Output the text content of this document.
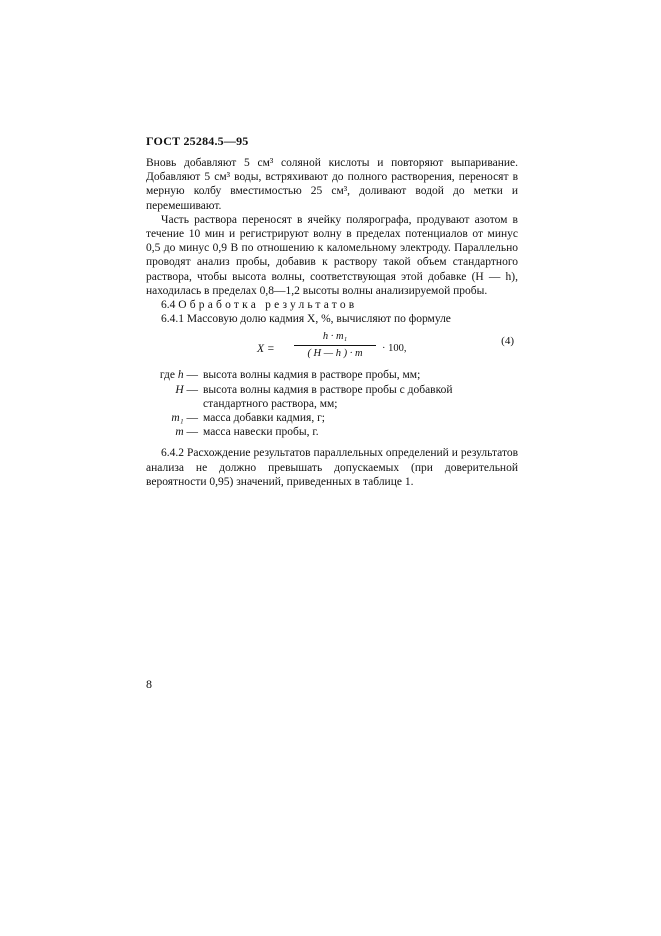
ГОСТ 25284.5—95

Вновь добавляют 5 см³ соляной кислоты и повторяют выпаривание. Добавляют 5 см³ воды, встряхивают до полного растворения, переносят в мерную колбу вместимостью 25 см³, доливают водой до метки и перемешивают.

Часть раствора переносят в ячейку полярографа, продувают азотом в течение 10 мин и регистрируют волну в пределах потенциалов от минус 0,5 до минус 0,9 В по отношению к каломельному электроду. Параллельно проводят анализ пробы, добавив к раствору такой объем стандартного раствора, чтобы высота волны, соответствующая этой добавке (H — h), находилась в пределах 0,8—1,2 высоты волны анализируемой пробы.

6.4 Обработка результатов

6.4.1 Массовую долю кадмия X, %, вычисляют по формуле

$X = \frac{\text{h · m₁}}{( H — h ) \cdot m} \cdot 100$,
(4)
где h — высота волны кадмия в растворе пробы, мм;
H — высота волны кадмия в растворе пробы с добавкой стандартного раствора, мм;
m₁ — масса добавки кадмия, г;
m — масса навески пробы, г.

6.4.2 Расхождение результатов параллельных определений и результатов анализа не должно превышать допускаемых (при доверительной вероятности 0,95) значений, приведенных в таблице 1.

8
